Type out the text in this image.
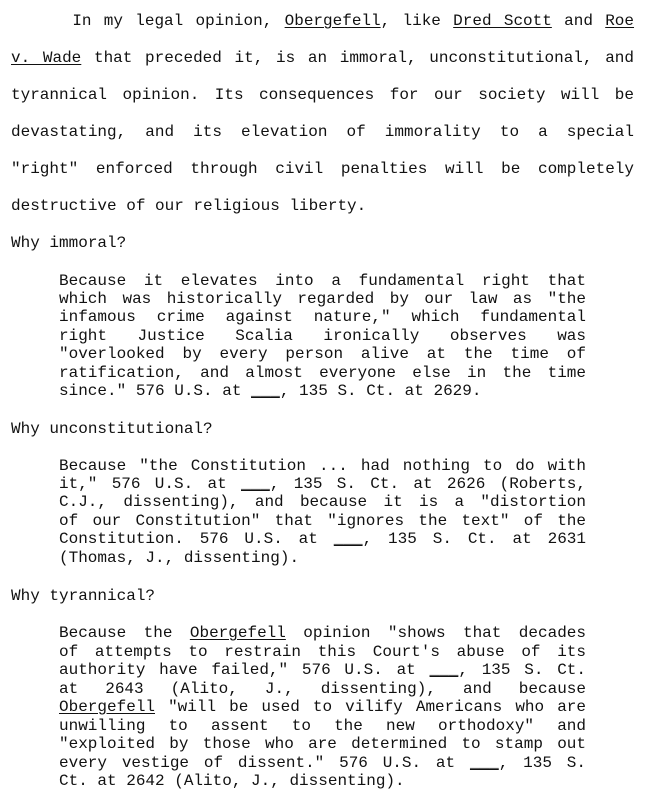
In my legal opinion, Obergefell, like Dred Scott and Roe
v. Wade that preceded it, is an immoral, unconstitutional, and
tyrannical opinion. Its consequences for our society will be
devastating, and its elevation of immorality to a special
"right" enforced through civil penalties will be completely
destructive of our religious liberty.
Why immoral?
Because it elevates into a fundamental right that
which was historically regarded by our law as "the
infamous crime against nature," which fundamental
right Justice Scalia ironically observes was
"overlooked by every person alive at the time of
ratification, and almost everyone else in the time
since." 576 U.S. at ___, 135 S. Ct. at 2629.
Why unconstitutional?
Because "the Constitution ... had nothing to do with
it," 576 U.S. at ___, 135 S. Ct. at 2626 (Roberts,
C.J., dissenting), and because it is a "distortion
of our Constitution" that "ignores the text" of the
Constitution. 576 U.S. at ___, 135 S. Ct. at 2631
(Thomas, J., dissenting).
Why tyrannical?
Because the Obergefell opinion "shows that decades
of attempts to restrain this Court's abuse of its
authority have failed," 576 U.S. at ___, 135 S. Ct.
at 2643 (Alito, J., dissenting), and because
Obergefell "will be used to vilify Americans who are
unwilling to assent to the new orthodoxy" and
"exploited by those who are determined to stamp out
every vestige of dissent." 576 U.S. at ___, 135 S.
Ct. at 2642 (Alito, J., dissenting).
